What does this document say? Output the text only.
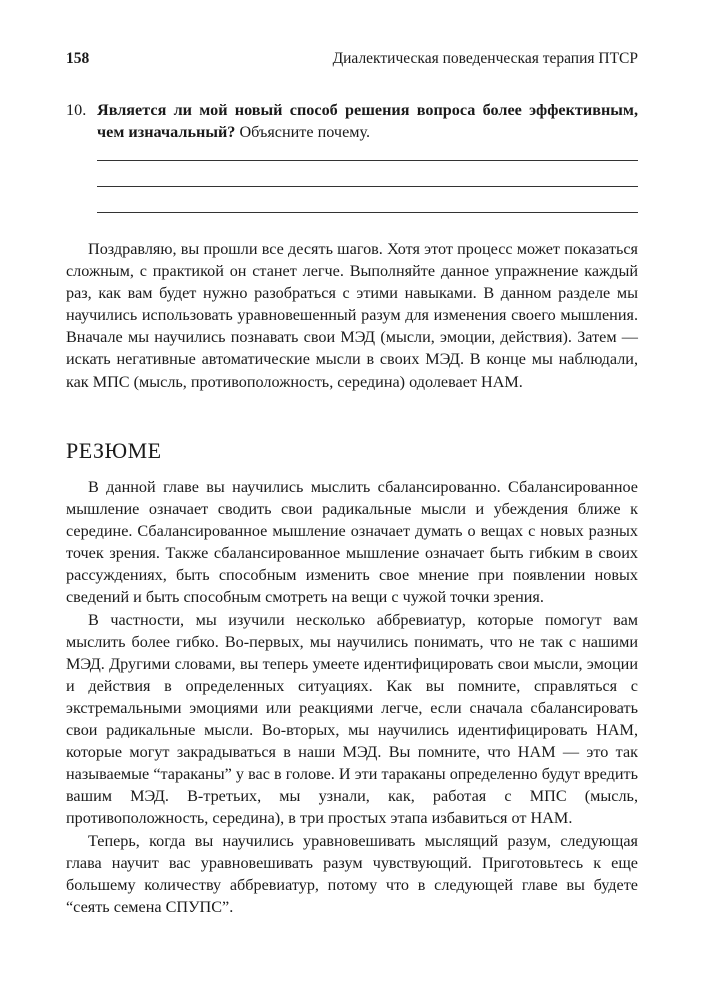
158	Диалектическая поведенческая терапия ПТСР
10. Является ли мой новый способ решения вопроса более эффективным, чем изначальный? Объясните почему.

Поздравляю, вы прошли все десять шагов. Хотя этот процесс может показаться сложным, с практикой он станет легче. Выполняйте данное упражнение каждый раз, как вам будет нужно разобраться с этими навыками. В данном разделе мы научились использовать уравновешенный разум для изменения своего мышления. Вначале мы научились познавать свои МЭД (мысли, эмоции, действия). Затем — искать негативные автоматические мысли в своих МЭД. В конце мы наблюдали, как МПС (мысль, противоположность, середина) одолевает НАМ.

РЕЗЮМЕ

В данной главе вы научились мыслить сбалансированно. Сбалансированное мышление означает сводить свои радикальные мысли и убеждения ближе к середине. Сбалансированное мышление означает думать о вещах с новых разных точек зрения. Также сбалансированное мышление означает быть гибким в своих рассуждениях, быть способным изменить свое мнение при появлении новых сведений и быть способным смотреть на вещи с чужой точки зрения.

В частности, мы изучили несколько аббревиатур, которые помогут вам мыслить более гибко. Во-первых, мы научились понимать, что не так с нашими МЭД. Другими словами, вы теперь умеете идентифицировать свои мысли, эмоции и действия в определенных ситуациях. Как вы помните, справляться с экстремальными эмоциями или реакциями легче, если сначала сбалансировать свои радикальные мысли. Во-вторых, мы научились идентифицировать НАМ, которые могут закрадываться в наши МЭД. Вы помните, что НАМ — это так называемые “тараканы” у вас в голове. И эти тараканы определенно будут вредить вашим МЭД. В-третьих, мы узнали, как, работая с МПС (мысль, противоположность, середина), в три простых этапа избавиться от НАМ.

Теперь, когда вы научились уравновешивать мыслящий разум, следующая глава научит вас уравновешивать разум чувствующий. Приготовьтесь к еще большему количеству аббревиатур, потому что в следующей главе вы будете “сеять семена СПУПС”.
